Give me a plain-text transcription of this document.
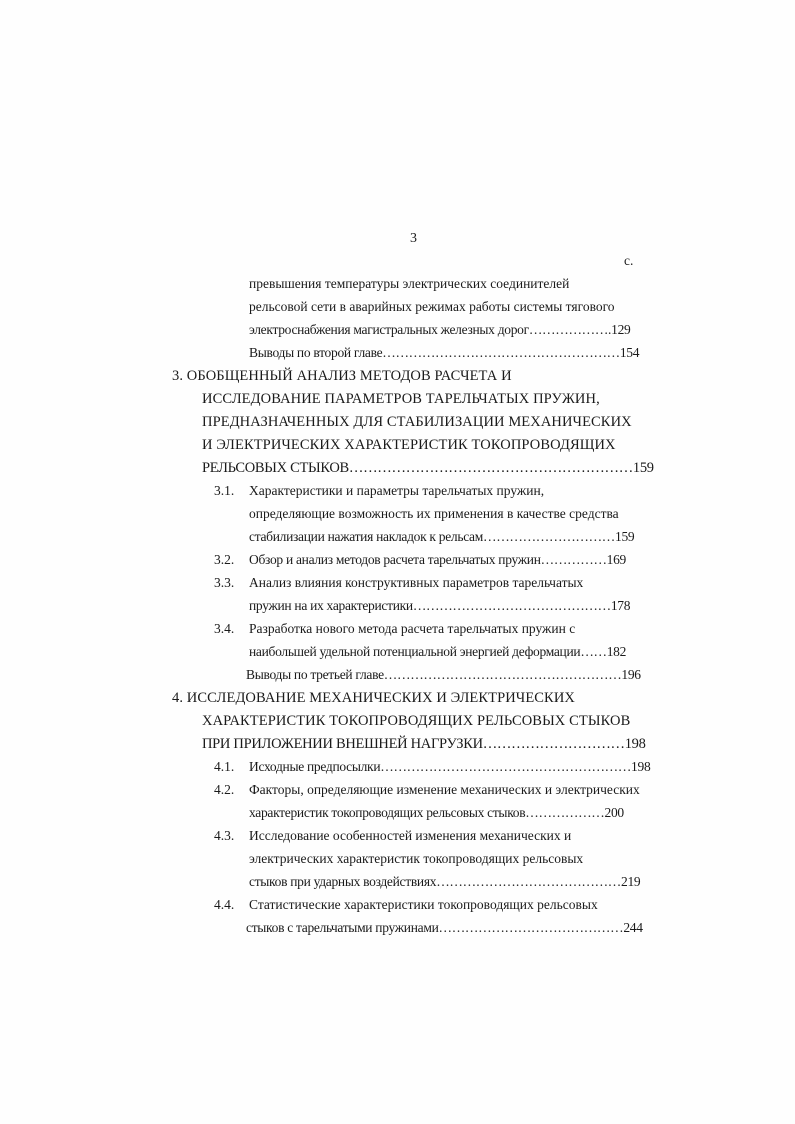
3
с.
превышения температуры электрических соединителей
рельсовой сети в аварийных режимах работы системы тягового
электроснабжения магистральных железных дорог……………….129
Выводы по второй главе………………………………………………154
3. ОБОБЩЕННЫЙ АНАЛИЗ МЕТОДОВ РАСЧЕТА И
ИССЛЕДОВАНИЕ ПАРАМЕТРОВ ТАРЕЛЬЧАТЫХ ПРУЖИН,
ПРЕДНАЗНАЧЕННЫХ ДЛЯ СТАБИЛИЗАЦИИ МЕХАНИЧЕСКИХ
И ЭЛЕКТРИЧЕСКИХ ХАРАКТЕРИСТИК ТОКОПРОВОДЯЩИХ
РЕЛЬСОВЫХ СТЫКОВ……………………………………………………159
3.1. Характеристики и параметры тарельчатых пружин,
определяющие возможность их применения в качестве средства
стабилизации нажатия накладок к рельсам…………………………159
3.2. Обзор и анализ методов расчета тарельчатых пружин……………169
3.3. Анализ влияния конструктивных параметров тарельчатых
пружин на их характеристики………………………………………178
3.4. Разработка нового метода расчета тарельчатых пружин с
наибольшей удельной потенциальной энергией деформации……182
Выводы по третьей главе………………………………………………196
4. ИССЛЕДОВАНИЕ МЕХАНИЧЕСКИХ И ЭЛЕКТРИЧЕСКИХ
ХАРАКТЕРИСТИК ТОКОПРОВОДЯЩИХ РЕЛЬСОВЫХ СТЫКОВ
ПРИ ПРИЛОЖЕНИИ ВНЕШНЕЙ НАГРУЗКИ…………………………198
4.1. Исходные предпосылки…………………………………………………198
4.2. Факторы, определяющие изменение механических и электрических
характеристик токопроводящих рельсовых стыков………………200
4.3. Исследование особенностей изменения механических и
электрических характеристик токопроводящих рельсовых
стыков при ударных воздействиях……………………………………219
4.4. Статистические характеристики токопроводящих рельсовых
стыков с тарельчатыми пружинами……………………………………244
